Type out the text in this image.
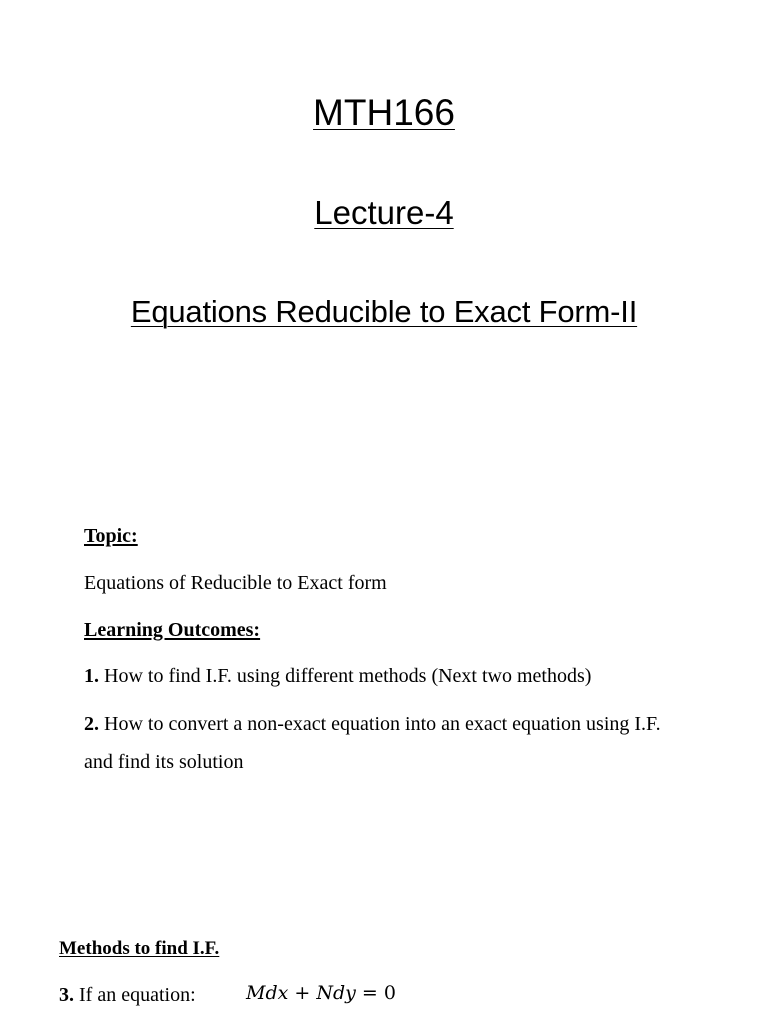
MTH166
Lecture-4
Equations Reducible to Exact Form-II
Topic:
Equations of Reducible to Exact form
Learning Outcomes:
1. How to find I.F. using different methods (Next two methods)
2. How to convert a non-exact equation into an exact equation using I.F.
and find its solution
Methods to find I.F.
3. If an equation:	Mdx + Ndy = 0
